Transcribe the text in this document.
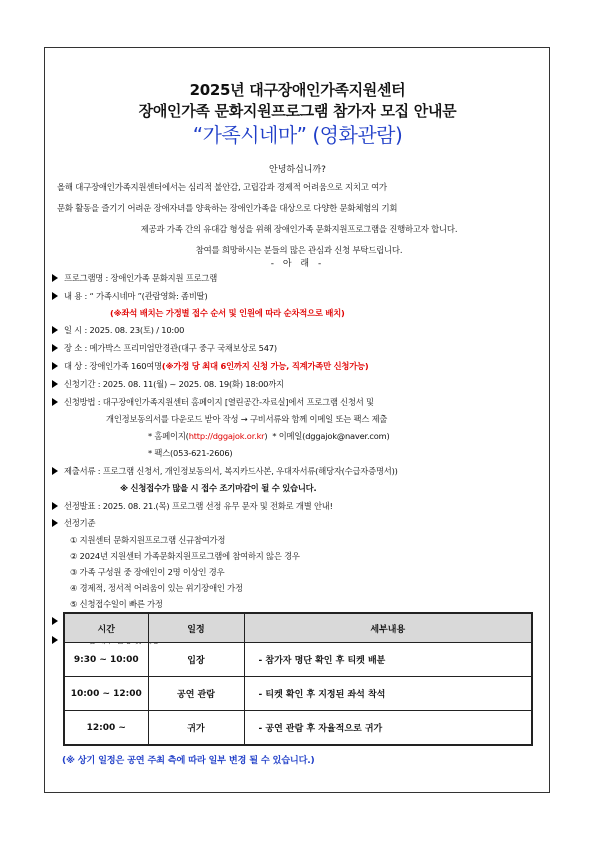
2025년 대구장애인가족지원센터
장애인가족 문화지원프로그램 참가자 모집 안내문
“가족시네마” (영화관람)
안녕하십니까?
올해 대구장애인가족지원센터에서는 심리적 불안감, 고립감과 경제적 어려움으로 지치고 여가
문화 활동을 즐기기 어려운 장애자녀를 양육하는 장애인가족을 대상으로 다양한 문화체험의 기회
제공과 가족 간의 유대감 형성을 위해 장애인가족 문화지원프로그램을 진행하고자 합니다.
참여를 희망하시는 분들의 많은 관심과 신청 부탁드립니다.
- 아 래 -
프로그램명 : 장애인가족 문화지원 프로그램
내 용 : “ 가족시네마 ”(관람영화: 좀비딸)
(※좌석 배치는 가정별 접수 순서 및 인원에 따라 순차적으로 배치)
일 시 : 2025. 08. 23(토) / 10:00
장 소 : 메가박스 프리미엄만경관(대구 중구 국채보상로 547)
대 상 : 장애인가족 160여명(※가정 당 최대 6인까지 신청 가능, 직계가족만 신청가능)
신청기간 : 2025. 08. 11(월) ~ 2025. 08. 19(화) 18:00까지
신청방법 : 대구장애인가족지원센터 홈페이지 [열린공간-자료실]에서 프로그램 신청서 및
개인정보동의서를 다운로드 받아 작성 → 구비서류와 함께 이메일 또는 팩스 제출
* 홈페이지(http://dggajok.or.kr) * 이메일(dggajok@naver.com)
* 팩스(053-621-2606)
제출서류 : 프로그램 신청서, 개인정보동의서, 복지카드사본, 우대자서류(해당자(수급자증명서))
※ 신청접수가 많을 시 접수 조기마감이 될 수 있습니다.
선정발표 : 2025. 08. 21.(목) 프로그램 선정 유무 문자 및 전화로 개별 안내!
선정기준
① 지원센터 문화지원프로그램 신규참여가정
② 2024년 지원센터 가족문화지원프로그램에 참여하지 않은 경우
③ 가족 구성원 중 장애인이 2명 이상인 경우
④ 경제적, 정서적 어려움이 있는 위기장애인 가정
⑤ 신청접수일이 빠른 가정
시간	일정	세부내용
9:30 ~ 10:00	입장	- 참가자 명단 확인 후 티켓 배분
10:00 ~ 12:00	공연 관람	- 티켓 확인 후 지정된 좌석 착석
12:00 ~	귀가	- 공연 관람 후 자율적으로 귀가
(※ 상기 일정은 공연 주최 측에 따라 일부 변경 될 수 있습니다.)
